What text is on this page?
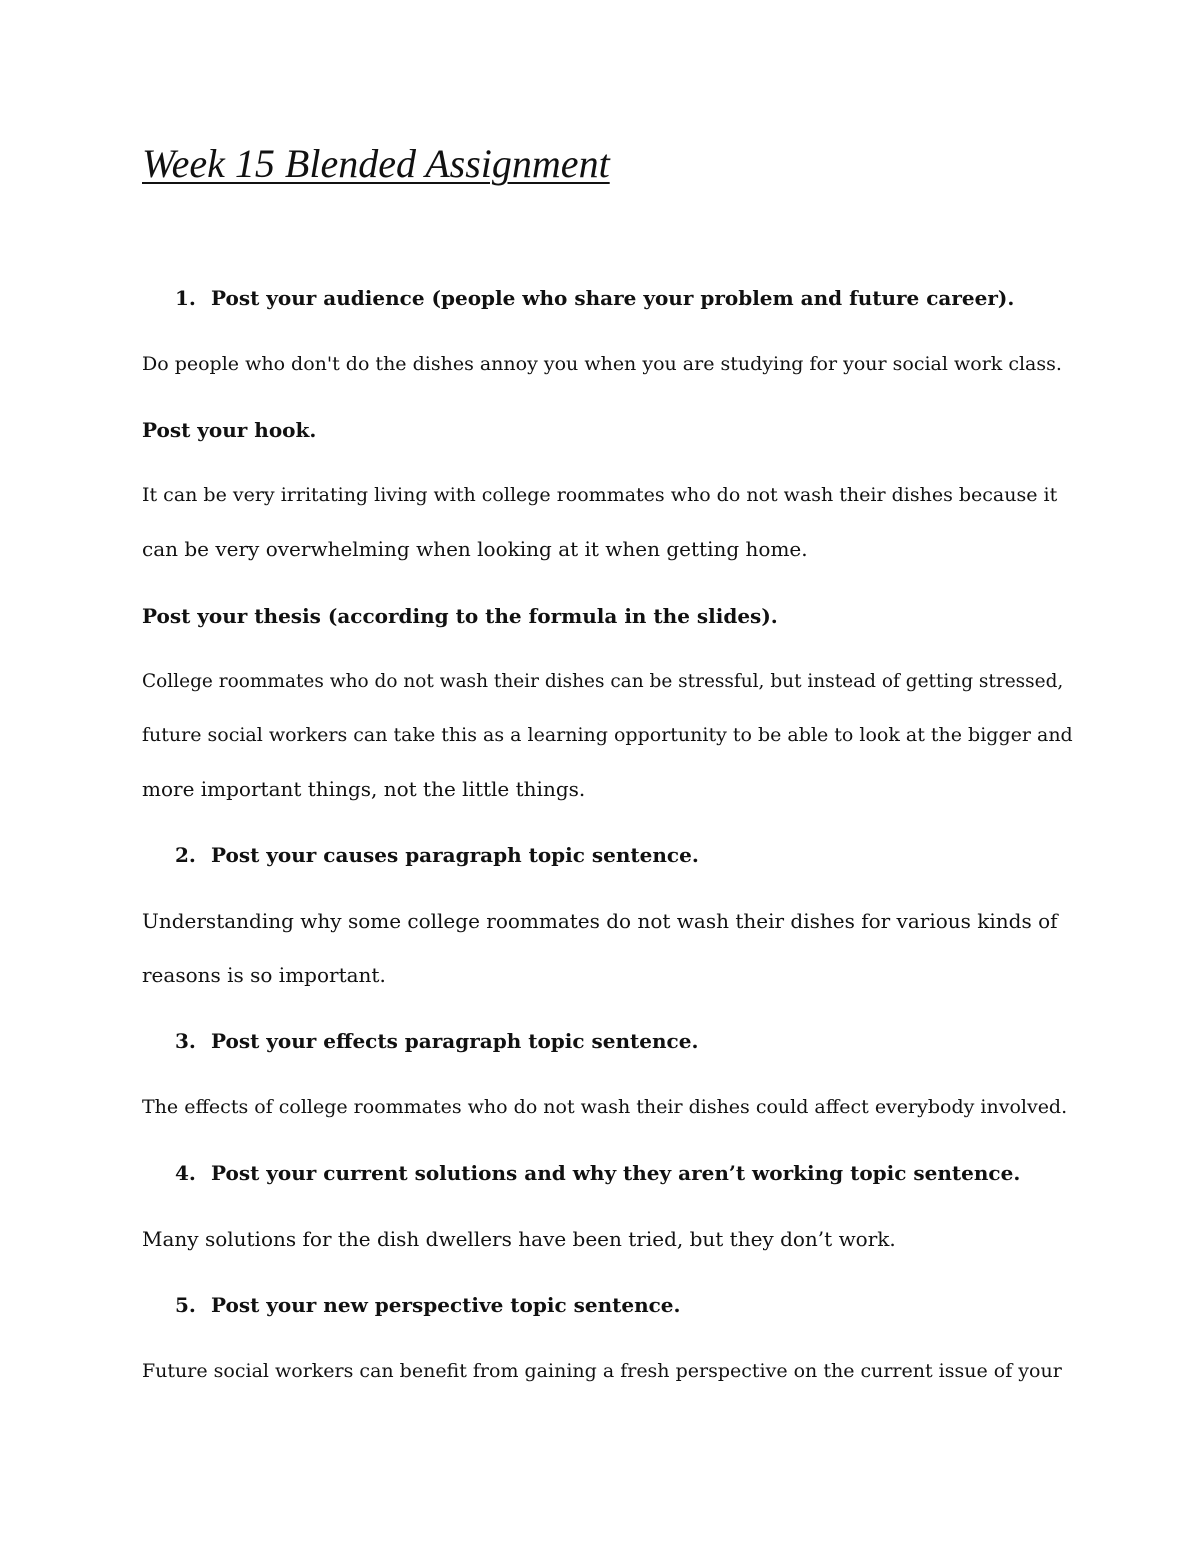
Week 15 Blended Assignment

1. Post your audience (people who share your problem and future career).

Do people who don't do the dishes annoy you when you are studying for your social work class.

Post your hook.

It can be very irritating living with college roommates who do not wash their dishes because it

can be very overwhelming when looking at it when getting home.

Post your thesis (according to the formula in the slides).

College roommates who do not wash their dishes can be stressful, but instead of getting stressed,

future social workers can take this as a learning opportunity to be able to look at the bigger and

more important things, not the little things.

2. Post your causes paragraph topic sentence.

Understanding why some college roommates do not wash their dishes for various kinds of

reasons is so important.

3. Post your effects paragraph topic sentence.

The effects of college roommates who do not wash their dishes could affect everybody involved.

4. Post your current solutions and why they aren’t working topic sentence.

Many solutions for the dish dwellers have been tried, but they don’t work.

5. Post your new perspective topic sentence.

Future social workers can benefit from gaining a fresh perspective on the current issue of your
